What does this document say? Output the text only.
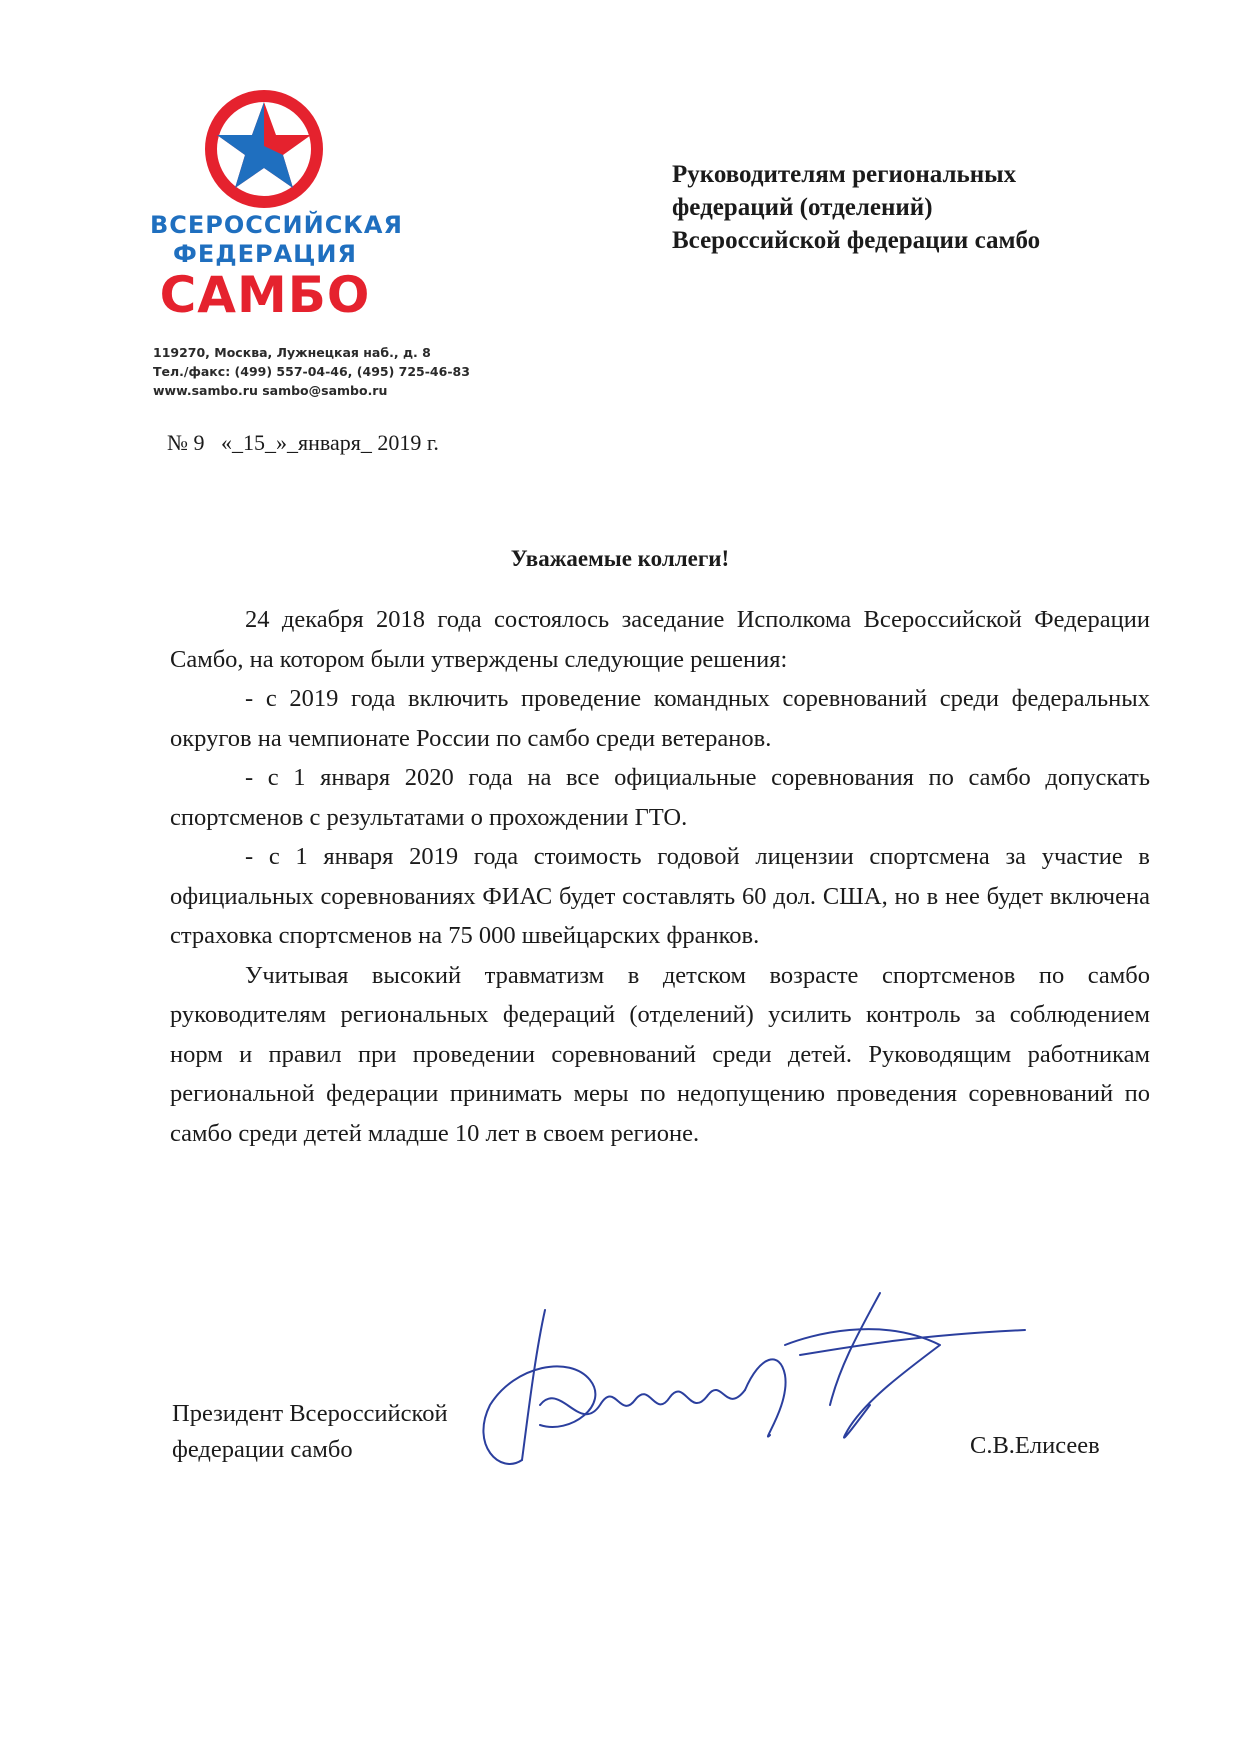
ВСЕРОССИЙСКАЯ
ФЕДЕРАЦИЯ
САМБО
119270, Москва, Лужнецкая наб., д. 8
Тел./факс: (499) 557-04-46, (495) 725-46-83
www.sambo.ru sambo@sambo.ru
№ 9   «_15_»_января_ 2019 г.
Руководителям региональных
федераций (отделений)
Всероссийской федерации самбо
Уважаемые коллеги!

24 декабря 2018 года состоялось заседание Исполкома Всероссийской Федерации Самбо, на котором были утверждены следующие решения:

- с 2019 года включить проведение командных соревнований среди федеральных округов на чемпионате России по самбо среди ветеранов.

- с 1 января 2020 года на все официальные соревнования по самбо допускать спортсменов с результатами о прохождении ГТО.

- с 1 января 2019 года стоимость годовой лицензии спортсмена за участие в официальных соревнованиях ФИАС будет составлять 60 дол. США, но в нее будет включена страховка спортсменов на 75 000 швейцарских франков.

Учитывая высокий травматизм в детском возрасте спортсменов по самбо руководителям региональных федераций (отделений) усилить контроль за соблюдением норм и правил при проведении соревнований среди детей. Руководящим работникам региональной федерации принимать меры по недопущению проведения соревнований по самбо среди детей младше 10 лет в своем регионе.

Президент Всероссийской
федерации самбо	С.В.Елисеев
